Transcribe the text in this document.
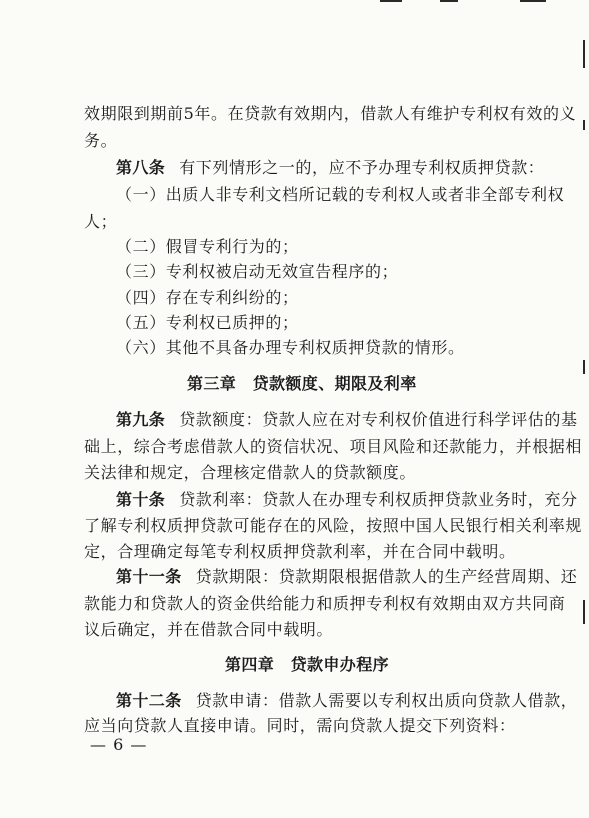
效期限到期前5年。在贷款有效期内，借款人有维护专利权有效的义
务。
第八条 有下列情形之一的，应不予办理专利权质押贷款：
（一）出质人非专利文档所记载的专利权人或者非全部专利权
人；
（二）假冒专利行为的；
（三）专利权被启动无效宣告程序的；
（四）存在专利纠纷的；
（五）专利权已质押的；
（六）其他不具备办理专利权质押贷款的情形。
第三章　贷款额度、期限及利率
第九条 贷款额度：贷款人应在对专利权价值进行科学评估的基
础上，综合考虑借款人的资信状况、项目风险和还款能力，并根据相
关法律和规定，合理核定借款人的贷款额度。
第十条 贷款利率：贷款人在办理专利权质押贷款业务时，充分
了解专利权质押贷款可能存在的风险，按照中国人民银行相关利率规
定，合理确定每笔专利权质押贷款利率，并在合同中载明。
第十一条 贷款期限：贷款期限根据借款人的生产经营周期、还
款能力和贷款人的资金供给能力和质押专利权有效期由双方共同商
议后确定，并在借款合同中载明。
第四章　贷款申办程序
第十二条 贷款申请：借款人需要以专利权出质向贷款人借款，
应当向贷款人直接申请。同时，需向贷款人提交下列资料：
— 6 —
